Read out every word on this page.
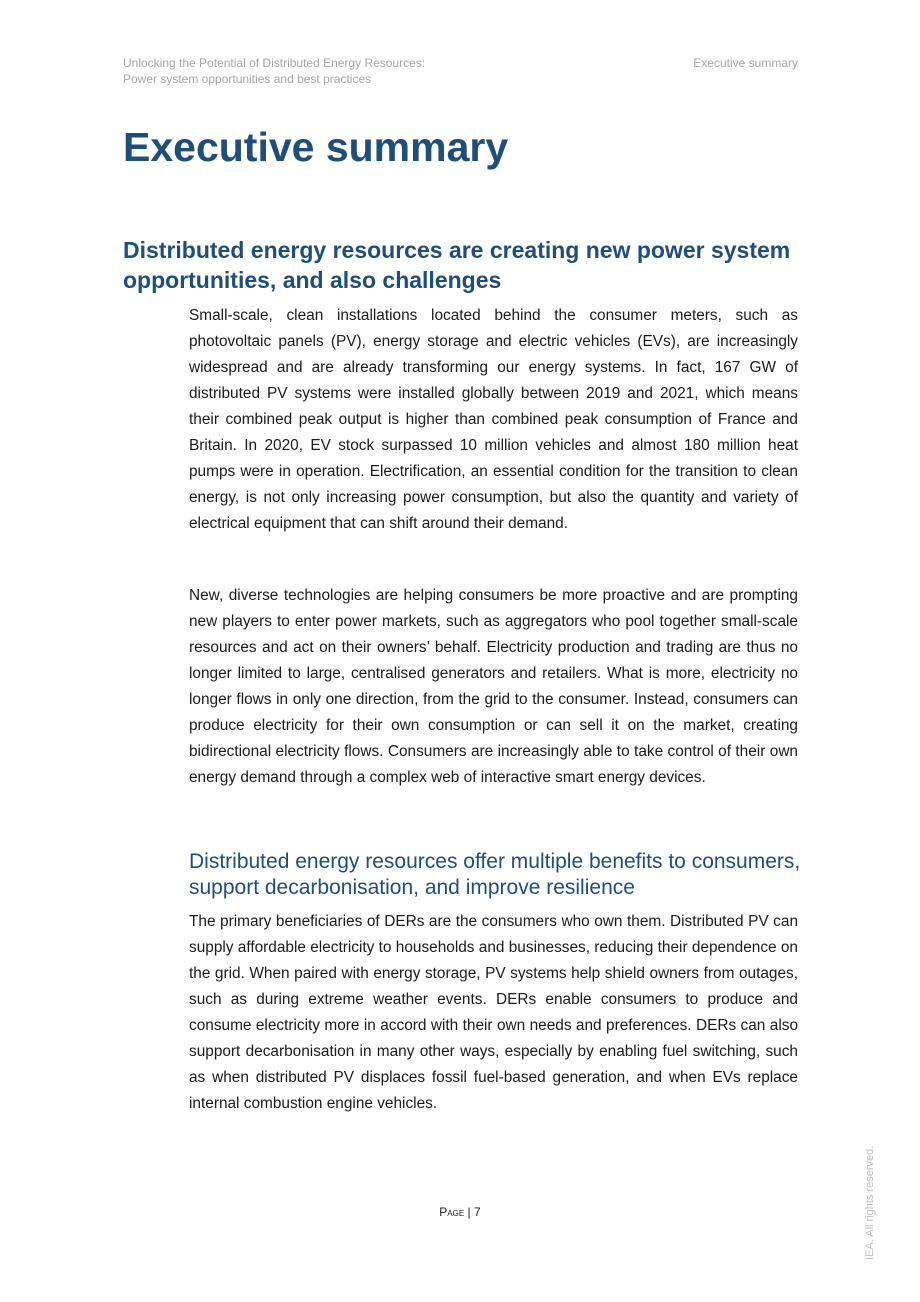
Unlocking the Potential of Distributed Energy Resources:
Power system opportunities and best practices
Executive summary
Executive summary
Distributed energy resources are creating new power system opportunities, and also challenges

Small-scale, clean installations located behind the consumer meters, such as photovoltaic panels (PV), energy storage and electric vehicles (EVs), are increasingly widespread and are already transforming our energy systems. In fact, 167 GW of distributed PV systems were installed globally between 2019 and 2021, which means their combined peak output is higher than combined peak consumption of France and Britain. In 2020, EV stock surpassed 10 million vehicles and almost 180 million heat pumps were in operation. Electrification, an essential condition for the transition to clean energy, is not only increasing power consumption, but also the quantity and variety of electrical equipment that can shift around their demand.

New, diverse technologies are helping consumers be more proactive and are prompting new players to enter power markets, such as aggregators who pool together small-scale resources and act on their owners’ behalf. Electricity production and trading are thus no longer limited to large, centralised generators and retailers. What is more, electricity no longer flows in only one direction, from the grid to the consumer. Instead, consumers can produce electricity for their own consumption or can sell it on the market, creating bidirectional electricity flows. Consumers are increasingly able to take control of their own energy demand through a complex web of interactive smart energy devices.

Distributed energy resources offer multiple benefits to consumers, support decarbonisation, and improve resilience

The primary beneficiaries of DERs are the consumers who own them. Distributed PV can supply affordable electricity to households and businesses, reducing their dependence on the grid. When paired with energy storage, PV systems help shield owners from outages, such as during extreme weather events. DERs enable consumers to produce and consume electricity more in accord with their own needs and preferences. DERs can also support decarbonisation in many other ways, especially by enabling fuel switching, such as when distributed PV displaces fossil fuel-based generation, and when EVs replace internal combustion engine vehicles.

Page | 7	IEA. All rights reserved.
